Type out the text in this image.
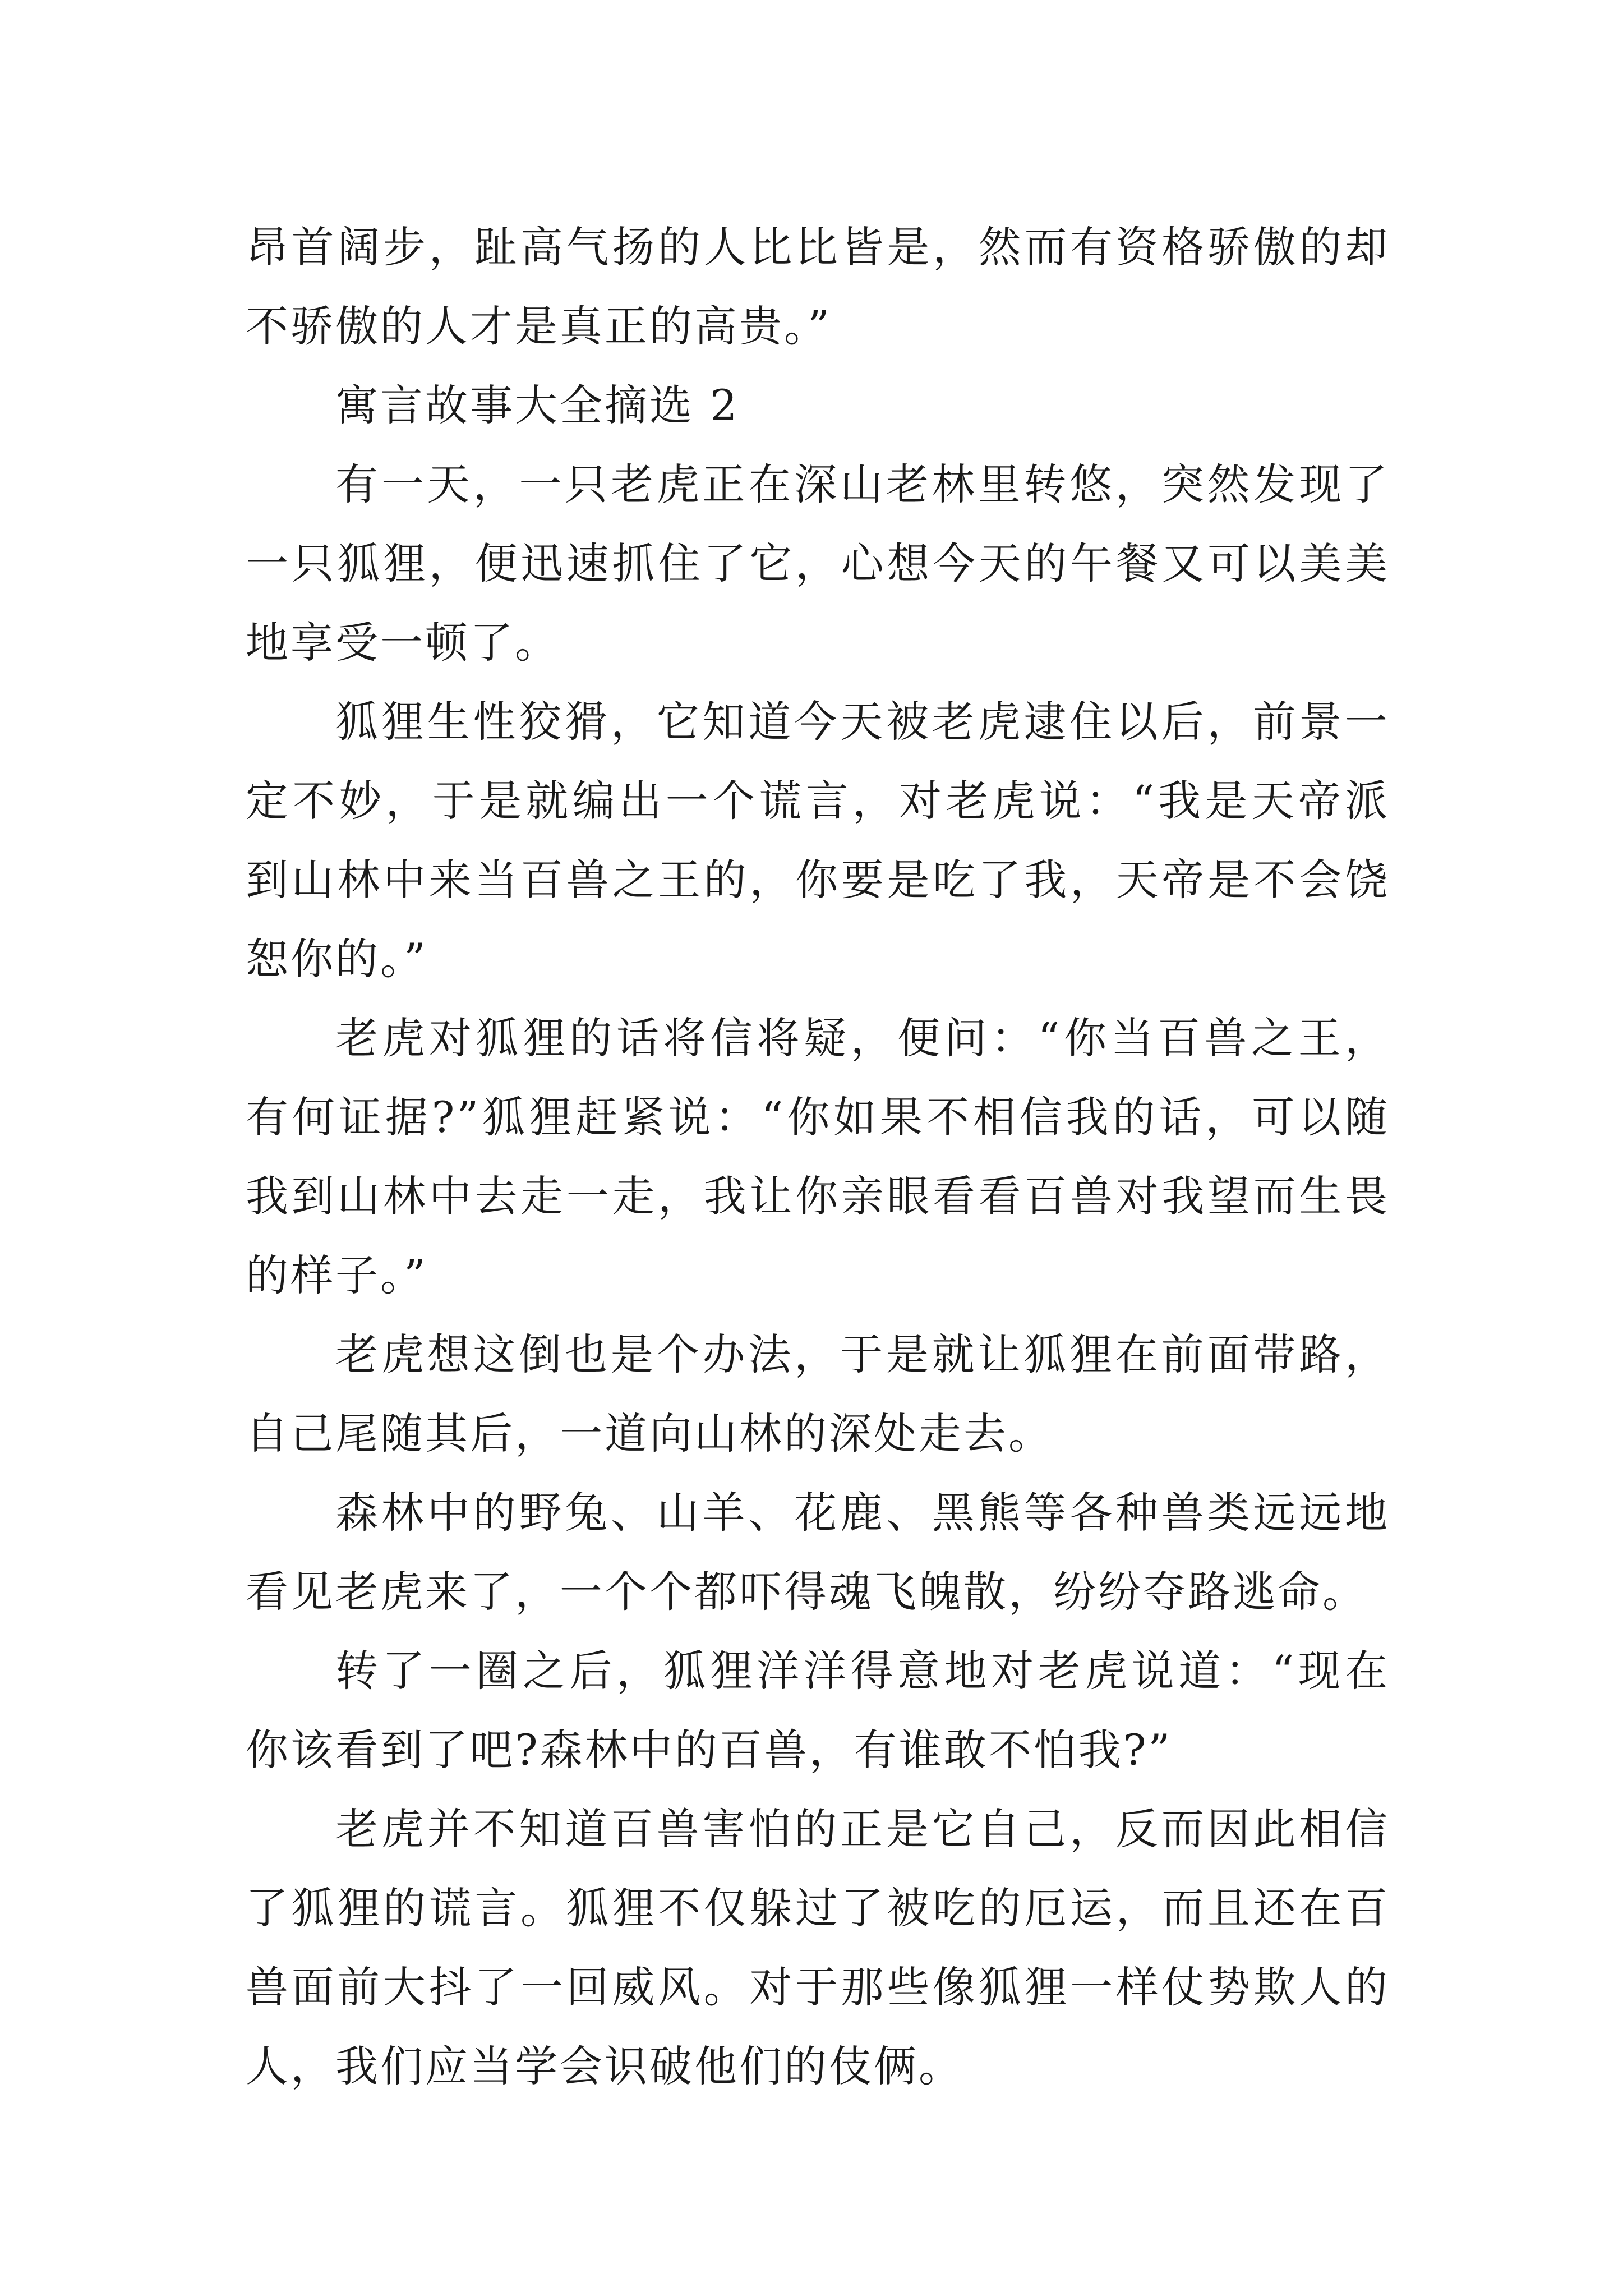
昂首阔步，趾高气扬的人比比皆是，然而有资格骄傲的却不骄傲的人才是真正的高贵。”

寓言故事大全摘选 2

有一天，一只老虎正在深山老林里转悠，突然发现了一只狐狸，便迅速抓住了它，心想今天的午餐又可以美美地享受一顿了。

狐狸生性狡猾，它知道今天被老虎逮住以后，前景一定不妙，于是就编出一个谎言，对老虎说：“我是天帝派到山林中来当百兽之王的，你要是吃了我，天帝是不会饶恕你的。”

老虎对狐狸的话将信将疑，便问：“你当百兽之王，有何证据?”狐狸赶紧说：“你如果不相信我的话，可以随我到山林中去走一走，我让你亲眼看看百兽对我望而生畏的样子。”

老虎想这倒也是个办法，于是就让狐狸在前面带路，自己尾随其后，一道向山林的深处走去。

森林中的野兔、山羊、花鹿、黑熊等各种兽类远远地看见老虎来了，一个个都吓得魂飞魄散，纷纷夺路逃命。

转了一圈之后，狐狸洋洋得意地对老虎说道：“现在你该看到了吧?森林中的百兽，有谁敢不怕我?”

老虎并不知道百兽害怕的正是它自己，反而因此相信了狐狸的谎言。狐狸不仅躲过了被吃的厄运，而且还在百兽面前大抖了一回威风。对于那些像狐狸一样仗势欺人的人，我们应当学会识破他们的伎俩。
